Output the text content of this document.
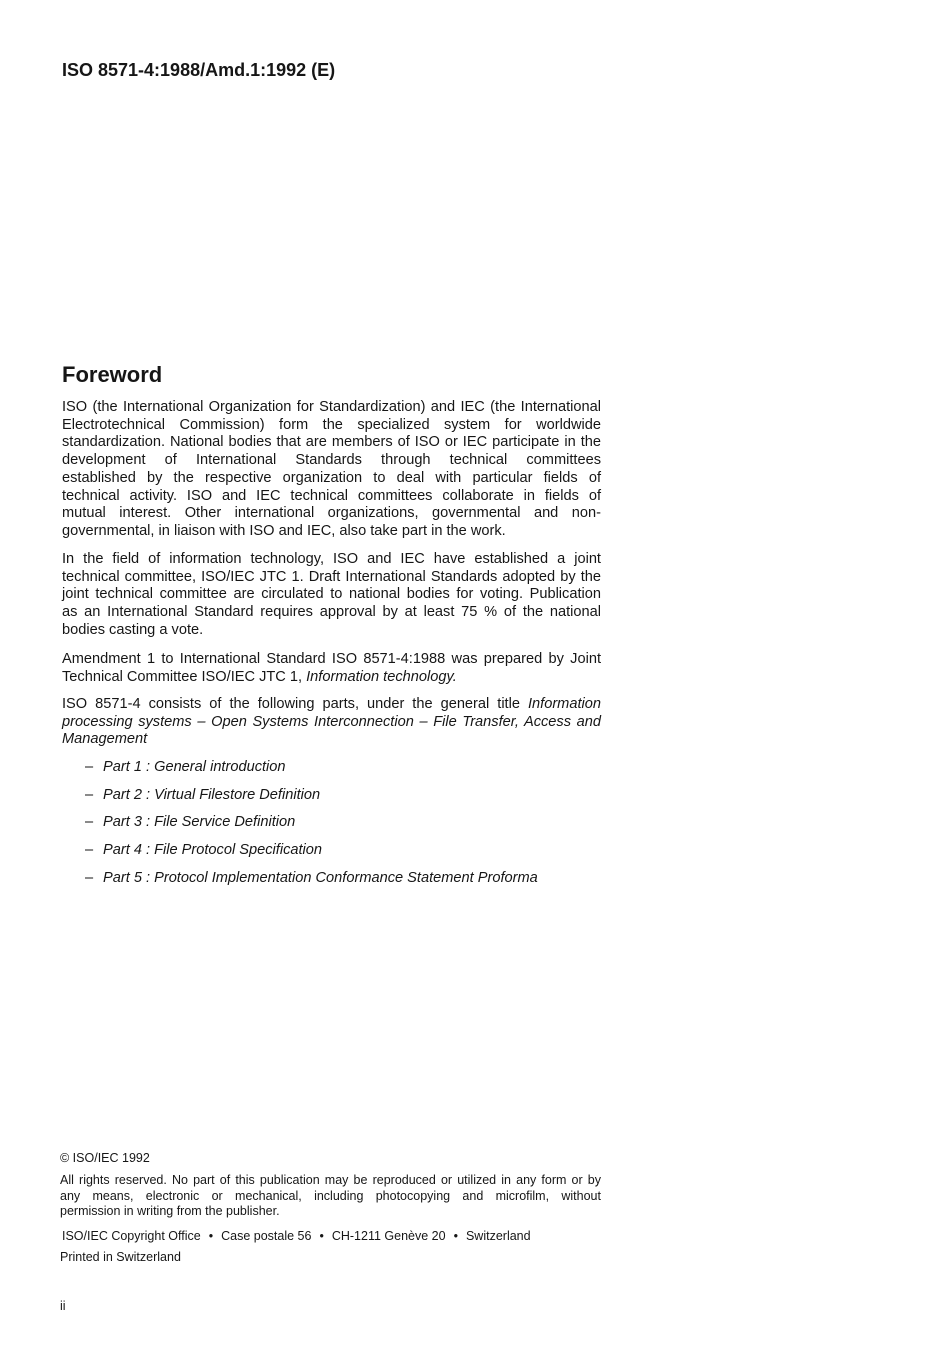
ISO 8571-4:1988/Amd.1:1992 (E)
Foreword
ISO (the International Organization for Standardization) and IEC (the International
Electrotechnical Commission) form the specialized system for worldwide
standardization. National bodies that are members of ISO or IEC participate in the
development of International Standards through technical committees
established by the respective organization to deal with particular fields of
technical activity. ISO and IEC technical committees collaborate in fields of
mutual interest. Other international organizations, governmental and non-
governmental, in liaison with ISO and IEC, also take part in the work.
In the field of information technology, ISO and IEC have established a joint
technical committee, ISO/IEC JTC 1. Draft International Standards adopted by the
joint technical committee are circulated to national bodies for voting. Publication
as an International Standard requires approval by at least 75 % of the national
bodies casting a vote.
Amendment 1 to International Standard ISO 8571-4:1988 was prepared by Joint
Technical Committee ISO/IEC JTC 1, Information technology.
ISO 8571-4 consists of the following parts, under the general title Information
processing systems – Open Systems Interconnection – File Transfer, Access and
Management
– Part 1 : General introduction
– Part 2 : Virtual Filestore Definition
– Part 3 : File Service Definition
– Part 4 : File Protocol Specification
– Part 5 : Protocol Implementation Conformance Statement Proforma
© ISO/IEC 1992
All rights reserved. No part of this publication may be reproduced or utilized in any form or by
any means, electronic or mechanical, including photocopying and microfilm, without
permission in writing from the publisher.
ISO/IEC Copyright Office • Case postale 56 • CH-1211 Genève 20 • Switzerland
Printed in Switzerland
ii
